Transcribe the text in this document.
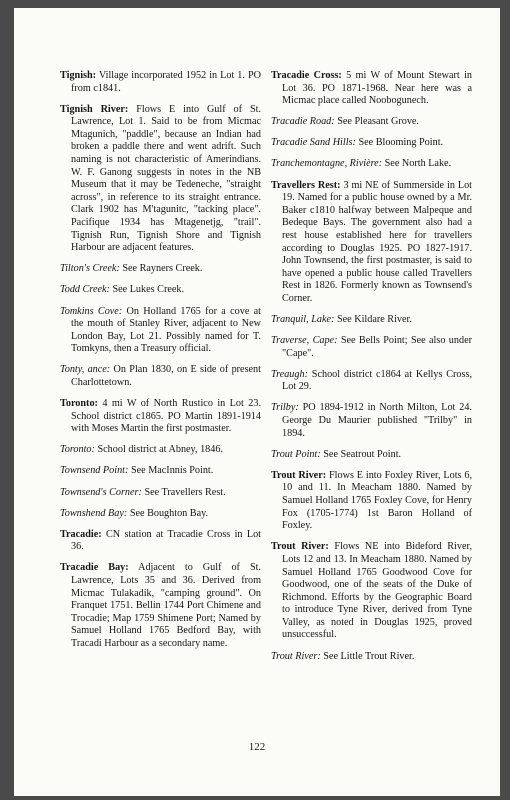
Tignish: Village incorporated 1952 in Lot 1. PO from c1841.

Tignish River: Flows E into Gulf of St. Lawrence, Lot 1. Said to be from Micmac Mtagunich, "paddle", because an Indian had broken a paddle there and went adrift. Such naming is not characteristic of Amerindians. W. F. Ganong suggests in notes in the NB Museum that it may be Tedeneche, "straight across", in reference to its straight entrance. Clark 1902 has M'tagunitc, "tacking place". Pacifique 1934 has Mtagenetjg, "trail". Tignish Run, Tignish Shore and Tignish Harbour are adjacent features.

Tilton's Creek: See Rayners Creek.

Todd Creek: See Lukes Creek.

Tomkins Cove: On Holland 1765 for a cove at the mouth of Stanley River, adjacent to New London Bay, Lot 21. Possibly named for T. Tomkyns, then a Treasury official.

Tonty, ance: On Plan 1830, on E side of present Charlottetown.

Toronto: 4 mi W of North Rustico in Lot 23. School district c1865. PO Martin 1891-1914 with Moses Martin the first postmaster.

Toronto: School district at Abney, 1846.

Townsend Point: See MacInnis Point.

Townsend's Corner: See Travellers Rest.

Townshend Bay: See Boughton Bay.

Tracadie: CN station at Tracadie Cross in Lot 36.

Tracadie Bay: Adjacent to Gulf of St. Lawrence, Lots 35 and 36. Derived from Micmac Tulakadik, "camping ground". On Franquet 1751. Bellin 1744 Port Chimene and Trocadie; Map 1759 Shimene Port; Named by Samuel Holland 1765 Bedford Bay, with Tracadi Harbour as a secondary name.

Tracadie Cross: 5 mi W of Mount Stewart in Lot 36. PO 1871-1968. Near here was a Micmac place called Noobogunech.

Tracadie Road: See Pleasant Grove.

Tracadie Sand Hills: See Blooming Point.

Tranchemontagne, Rivière: See North Lake.

Travellers Rest: 3 mi NE of Summerside in Lot 19. Named for a public house owned by a Mr. Baker c1810 halfway between Malpeque and Bedeque Bays. The government also had a rest house established here for travellers according to Douglas 1925. PO 1827-1917. John Townsend, the first postmaster, is said to have opened a public house called Travellers Rest in 1826. Formerly known as Townsend's Corner.

Tranquil, Lake: See Kildare River.

Traverse, Cape: See Bells Point; See also under "Cape".

Treaugh: School district c1864 at Kellys Cross, Lot 29.

Trilby: PO 1894-1912 in North Milton, Lot 24. George Du Maurier published "Trilby" in 1894.

Trout Point: See Seatrout Point.

Trout River: Flows E into Foxley River, Lots 6, 10 and 11. In Meacham 1880. Named by Samuel Holland 1765 Foxley Cove, for Henry Fox (1705-1774) 1st Baron Holland of Foxley.

Trout River: Flows NE into Bideford River, Lots 12 and 13. In Meacham 1880. Named by Samuel Holland 1765 Goodwood Cove for Goodwood, one of the seats of the Duke of Richmond. Efforts by the Geographic Board to introduce Tyne River, derived from Tyne Valley, as noted in Douglas 1925, proved unsuccessful.

Trout River: See Little Trout River.

122
